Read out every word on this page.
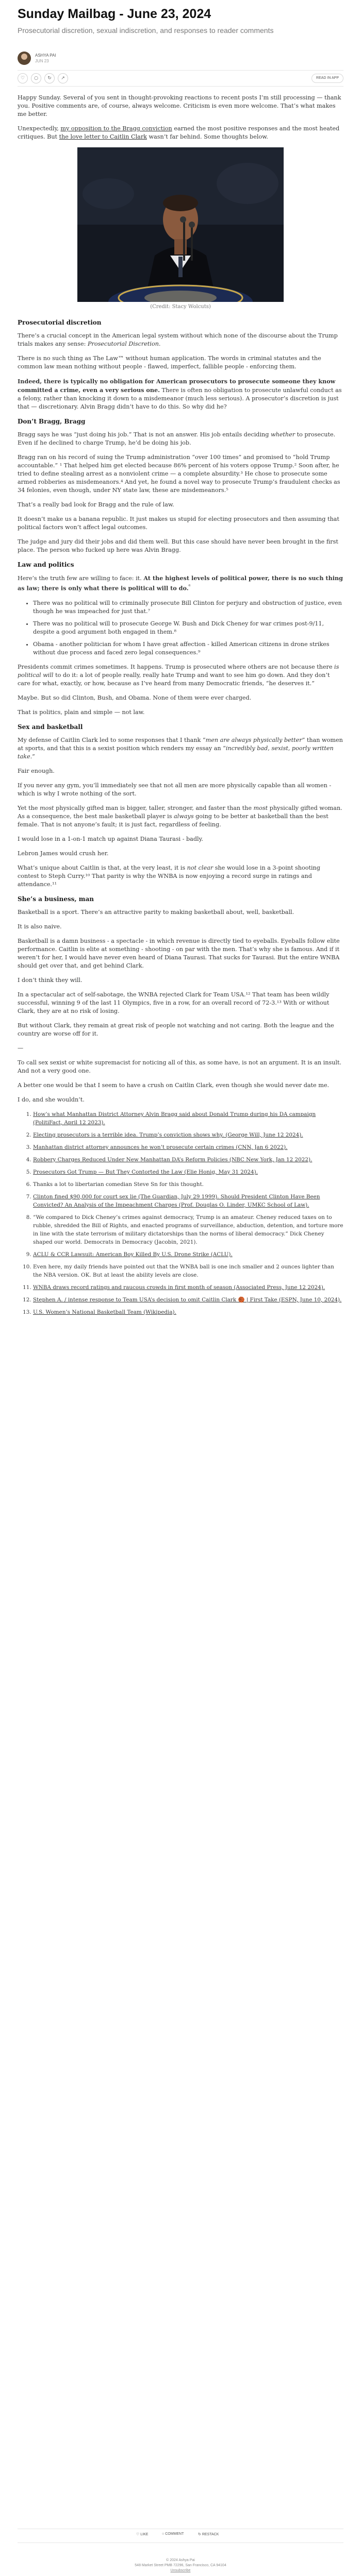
Sunday Mailbag - June 23, 2024
Prosecutorial discretion, sexual indiscretion, and responses to reader comments
ASHYA PAI
JUN 23
♡	○	↻	↗	READ IN APP

Happy Sunday. Several of you sent in thought-provoking reactions to recent posts I’m still processing — thank you. Positive comments are, of course, always welcome. Criticism is even more welcome. That’s what makes me better.

Unexpectedly, my opposition to the Bragg conviction earned the most positive responses and the most heated critiques. But the love letter to Caitlin Clark wasn’t far behind. Some thoughts below.

(Credit: Stacy Wolcuts)
Prosecutorial discretion

There’s a crucial concept in the American legal system without which none of the discourse about the Trump trials makes any sense: Prosecutorial Discretion.

There is no such thing as The Law™ without human application. The words in criminal statutes and the common law mean nothing without people - flawed, imperfect, fallible people - enforcing them.

Indeed, there is typically no obligation for American prosecutors to prosecute someone they know committed a crime, even a very serious one. There is often no obligation to prosecute unlawful conduct as a felony, rather than knocking it down to a misdemeanor (much less serious). A prosecutor’s discretion is just that — discretionary. Alvin Bragg didn’t have to do this. So why did he?

Don’t Bragg, Bragg

Bragg says he was “just doing his job.” That is not an answer. His job entails deciding whether to prosecute. Even if he declined to charge Trump, he’d be doing his job.

Bragg ran on his record of suing the Trump administration “over 100 times” and promised to “hold Trump accountable.” ¹ That helped him get elected because 86% percent of his voters oppose Trump.² Soon after, he tried to define stealing arrest as a nonviolent crime — a complete absurdity.³ He chose to prosecute some armed robberies as misdemeanors.⁴ And yet, he found a novel way to prosecute Trump’s fraudulent checks as 34 felonies, even though, under NY state law, these are misdemeanors.⁵

That’s a really bad look for Bragg and the rule of law.

It doesn’t make us a banana republic. It just makes us stupid for electing prosecutors and then assuming that political factors won’t affect legal outcomes.

The judge and jury did their jobs and did them well. But this case should have never been brought in the first place. The person who fucked up here was Alvin Bragg.

Law and politics

Here’s the truth few are willing to face: it. At the highest levels of political power, there is no such thing as law; there is only what there is political will to do.$^{^6}$

• There was no political will to criminally prosecute Bill Clinton for perjury and obstruction of justice, even though he was impeached for just that.⁷
• There was no political will to prosecute George W. Bush and Dick Cheney for war crimes post-9/11, despite a good argument both engaged in them.⁸
• Obama - another politician for whom I have great affection - killed American citizens in drone strikes without due process and faced zero legal consequences.⁹

Presidents commit crimes sometimes. It happens. Trump is prosecuted where others are not because there is political will to do it: a lot of people really, really hate Trump and want to see him go down. And they don’t care for what, exactly, or how, because as I’ve heard from many Democratic friends, “he deserves it.”

Maybe. But so did Clinton, Bush, and Obama. None of them were ever charged.

That is politics, plain and simple — not law.

Sex and basketball

My defense of Caitlin Clark led to some responses that I thank “men are always physically better” than women at sports, and that this is a sexist position which renders my essay an “incredibly bad, sexist, poorly written take.”

Fair enough.

If you never any gym, you’ll immediately see that not all men are more physically capable than all women - which is why I wrote nothing of the sort.

Yet the most physically gifted man is bigger, taller, stronger, and faster than the most physically gifted woman. As a consequence, the best male basketball player is always going to be better at basketball than the best female. That is not anyone’s fault; it is just fact, regardless of feeling.

I would lose in a 1-on-1 match up against Diana Taurasi - badly.

Lebron James would crush her.

What’s unique about Caitlin is that, at the very least, it is not clear she would lose in a 3-point shooting contest to Steph Curry.¹⁰ That parity is why the WNBA is now enjoying a record surge in ratings and attendance.¹¹

She’s a business, man

Basketball is a sport. There’s an attractive parity to making basketball about, well, basketball.

It is also naive.

Basketball is a damn business - a spectacle - in which revenue is directly tied to eyeballs. Eyeballs follow elite performance. Caitlin is elite at something - shooting - on par with the men. That’s why she is famous. And if it weren’t for her, I would have never even heard of Diana Taurasi. That sucks for Taurasi. But the entire WNBA should get over that, and get behind Clark.

I don’t think they will.

In a spectacular act of self-sabotage, the WNBA rejected Clark for Team USA.¹² That team has been wildly successful, winning 9 of the last 11 Olympics, five in a row, for an overall record of 72-3.¹³ With or without Clark, they are at no risk of losing.

But without Clark, they remain at great risk of people not watching and not caring. Both the league and the country are worse off for it.

—

To call sex sexist or white supremacist for noticing all of this, as some have, is not an argument. It is an insult. And not a very good one.

A better one would be that I seem to have a crush on Caitlin Clark, even though she would never date me.

I do, and she wouldn’t.

1. How’s what Manhattan District Attorney Alvin Bragg said about Donald Trump during his DA campaign (PolitiFact, April 12 2023).
2. Electing prosecutors is a terrible idea. Trump’s conviction shows why. (George Will, June 12 2024).
3. Manhattan district attorney announces he won’t prosecute certain crimes (CNN, Jan 6 2022).
4. Robbery Charges Reduced Under New Manhattan DA’s Reform Policies (NBC New York, Jan 12 2022).
5. Prosecutors Got Trump — But They Contorted the Law (Elie Honig, May 31 2024).
6. Thanks a lot to libertarian comedian Steve Sn for this thought.
7. Clinton fined $90,000 for court sex lie (The Guardian, July 29 1999). Should President Clinton Have Been Convicted? An Analysis of the Impeachment Charges (Prof. Douglas O. Linder, UMKC School of Law).
8. “We compared to Dick Cheney’s crimes against democracy, Trump is an amateur. Cheney reduced taxes on to rubble, shredded the Bill of Rights, and enacted programs of surveillance, abduction, detention, and torture more in line with the state terrorism of military dictatorships than the norms of liberal democracy.” Dick Cheney shaped our world. Democrats in Democracy (Jacobin, 2021).
9. ACLU & CCR Lawsuit: American Boy Killed By U.S. Drone Strike (ACLU).
10. Even here, my daily friends have pointed out that the WNBA ball is one inch smaller and 2 ounces lighter than the NBA version. OK. But at least the ability levels are close.
11. WNBA draws record ratings and raucous crowds in first month of season (Associated Press, June 12 2024).
12. Stephen A. / intense response to Team USA’s decision to omit Caitlin Clark 🏀 | First Take (ESPN, June 10, 2024).
13. U.S. Women’s National Basketball Team (Wikipedia).
♡ LIKE	○ COMMENT	↻ RESTACK
© 2024 Ashya Pai
548 Market Street PMB 72296, San Francisco, CA 94104
Unsubscribe
